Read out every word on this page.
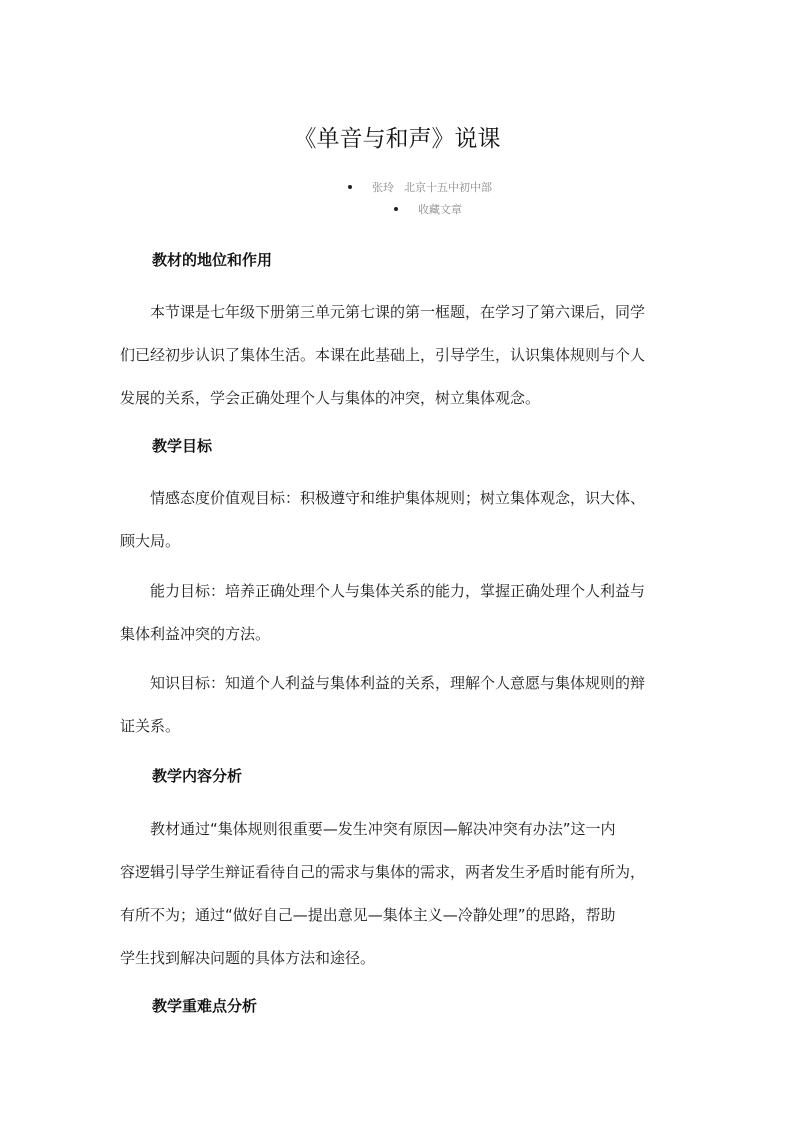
《单音与和声》说课
张玲 北京十五中初中部
收藏文章
教材的地位和作用
　　本节课是七年级下册第三单元第七课的第一框题，在学习了第六课后，同学
们已经初步认识了集体生活。本课在此基础上，引导学生，认识集体规则与个人
发展的关系，学会正确处理个人与集体的冲突，树立集体观念。
教学目标
　　情感态度价值观目标：积极遵守和维护集体规则；树立集体观念，识大体、
顾大局。
　　能力目标：培养正确处理个人与集体关系的能力，掌握正确处理个人利益与
集体利益冲突的方法。
　　知识目标：知道个人利益与集体利益的关系，理解个人意愿与集体规则的辩
证关系。
教学内容分析
　　教材通过“集体规则很重要—发生冲突有原因—解决冲突有办法”这一内
容逻辑引导学生辩证看待自己的需求与集体的需求，两者发生矛盾时能有所为，
有所不为；通过“做好自己—提出意见—集体主义—冷静处理”的思路，帮助
学生找到解决问题的具体方法和途径。
教学重难点分析
